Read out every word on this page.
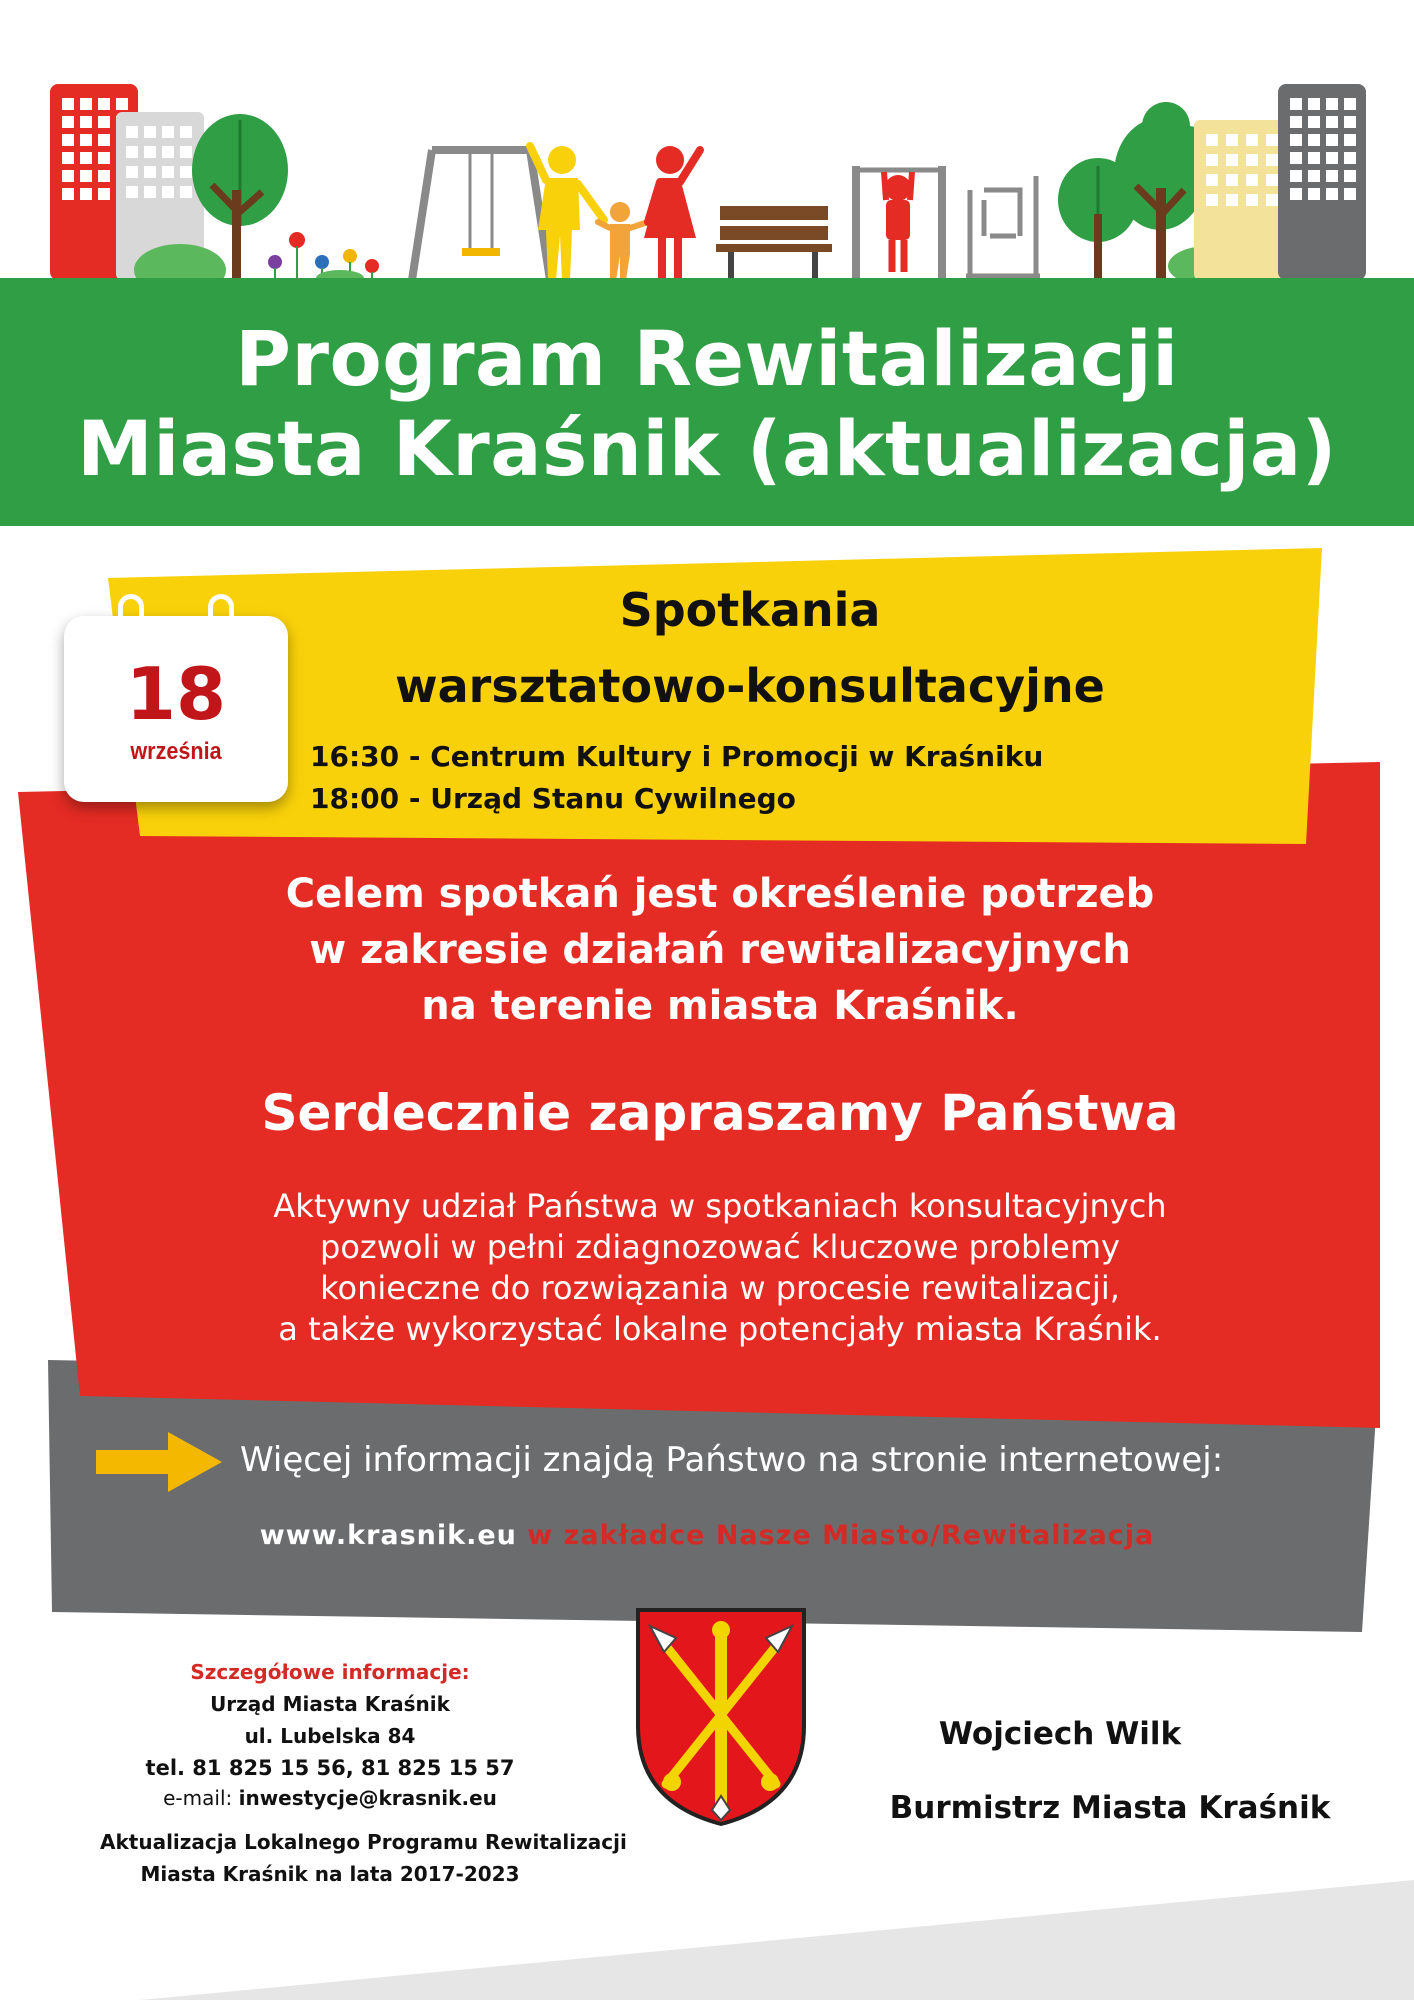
Program Rewitalizacji
Miasta Kraśnik (aktualizacja)
18
września
Spotkania
warsztatowo-konsultacyjne
16:30 - Centrum Kultury i Promocji w Kraśniku
18:00 - Urząd Stanu Cywilnego
Celem spotkań jest określenie potrzeb
w zakresie działań rewitalizacyjnych
na terenie miasta Kraśnik.
Serdecznie zapraszamy Państwa
Aktywny udział Państwa w spotkaniach konsultacyjnych
pozwoli w pełni zdiagnozować kluczowe problemy
konieczne do rozwiązania w procesie rewitalizacji,
a także wykorzystać lokalne potencjały miasta Kraśnik.
Więcej informacji znajdą Państwo na stronie internetowej:
www.krasnik.eu w zakładce Nasze Miasto/Rewitalizacja
Szczegółowe informacje:
Urząd Miasta Kraśnik
ul. Lubelska 84
tel. 81 825 15 56, 81 825 15 57
e-mail: inwestycje@krasnik.eu
Aktualizacja Lokalnego Programu Rewitalizacji
Miasta Kraśnik na lata 2017-2023
Wojciech Wilk
Burmistrz Miasta Kraśnik
